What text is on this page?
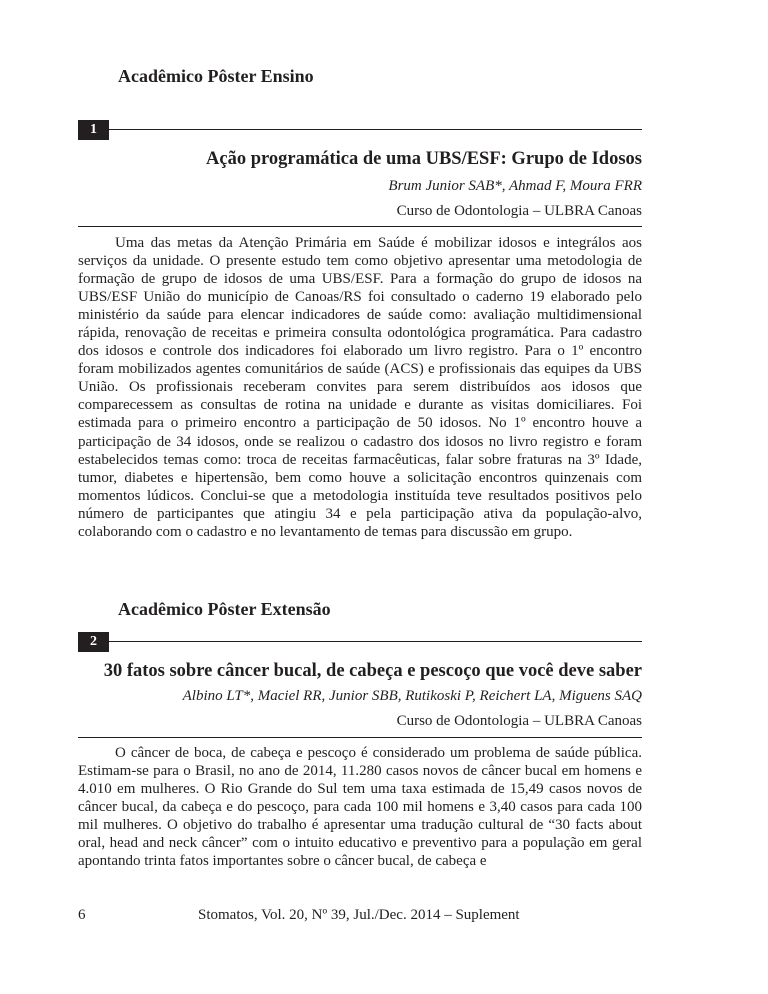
Acadêmico Pôster Ensino
1
Ação programática de uma UBS/ESF: Grupo de Idosos
Brum Junior SAB*, Ahmad F, Moura FRR
Curso de Odontologia – ULBRA Canoas

Uma das metas da Atenção Primária em Saúde é mobilizar idosos e integrálos aos serviços da unidade. O presente estudo tem como objetivo apresentar uma metodologia de formação de grupo de idosos de uma UBS/ESF. Para a formação do grupo de idosos na UBS/ESF União do município de Canoas/RS foi consultado o caderno 19 elaborado pelo ministério da saúde para elencar indicadores de saúde como: avaliação multidimensional rápida, renovação de receitas e primeira consulta odontológica programática. Para cadastro dos idosos e controle dos indicadores foi elaborado um livro registro. Para o 1º encontro foram mobilizados agentes comunitários de saúde (ACS) e profissionais das equipes da UBS União. Os profissionais receberam convites para serem distribuídos aos idosos que comparecessem as consultas de rotina na unidade e durante as visitas domiciliares. Foi estimada para o primeiro encontro a participação de 50 idosos. No 1º encontro houve a participação de 34 idosos, onde se realizou o cadastro dos idosos no livro registro e foram estabelecidos temas como: troca de receitas farmacêuticas, falar sobre fraturas na 3º Idade, tumor, diabetes e hipertensão, bem como houve a solicitação encontros quinzenais com momentos lúdicos. Conclui-se que a metodologia instituída teve resultados positivos pelo número de participantes que atingiu 34 e pela participação ativa da população-alvo, colaborando com o cadastro e no levantamento de temas para discussão em grupo.

Acadêmico Pôster Extensão
2
30 fatos sobre câncer bucal, de cabeça e pescoço que você deve saber
Albino LT*, Maciel RR, Junior SBB, Rutikoski P, Reichert LA, Miguens SAQ
Curso de Odontologia – ULBRA Canoas

O câncer de boca, de cabeça e pescoço é considerado um problema de saúde pública. Estimam-se para o Brasil, no ano de 2014, 11.280 casos novos de câncer bucal em homens e 4.010 em mulheres. O Rio Grande do Sul tem uma taxa estimada de 15,49 casos novos de câncer bucal, da cabeça e do pescoço, para cada 100 mil homens e 3,40 casos para cada 100 mil mulheres. O objetivo do trabalho é apresentar uma tradução cultural de “30 facts about oral, head and neck câncer” com o intuito educativo e preventivo para a população em geral apontando trinta fatos importantes sobre o câncer bucal, de cabeça e

6	Stomatos, Vol. 20, Nº 39, Jul./Dec. 2014 – Suplement
